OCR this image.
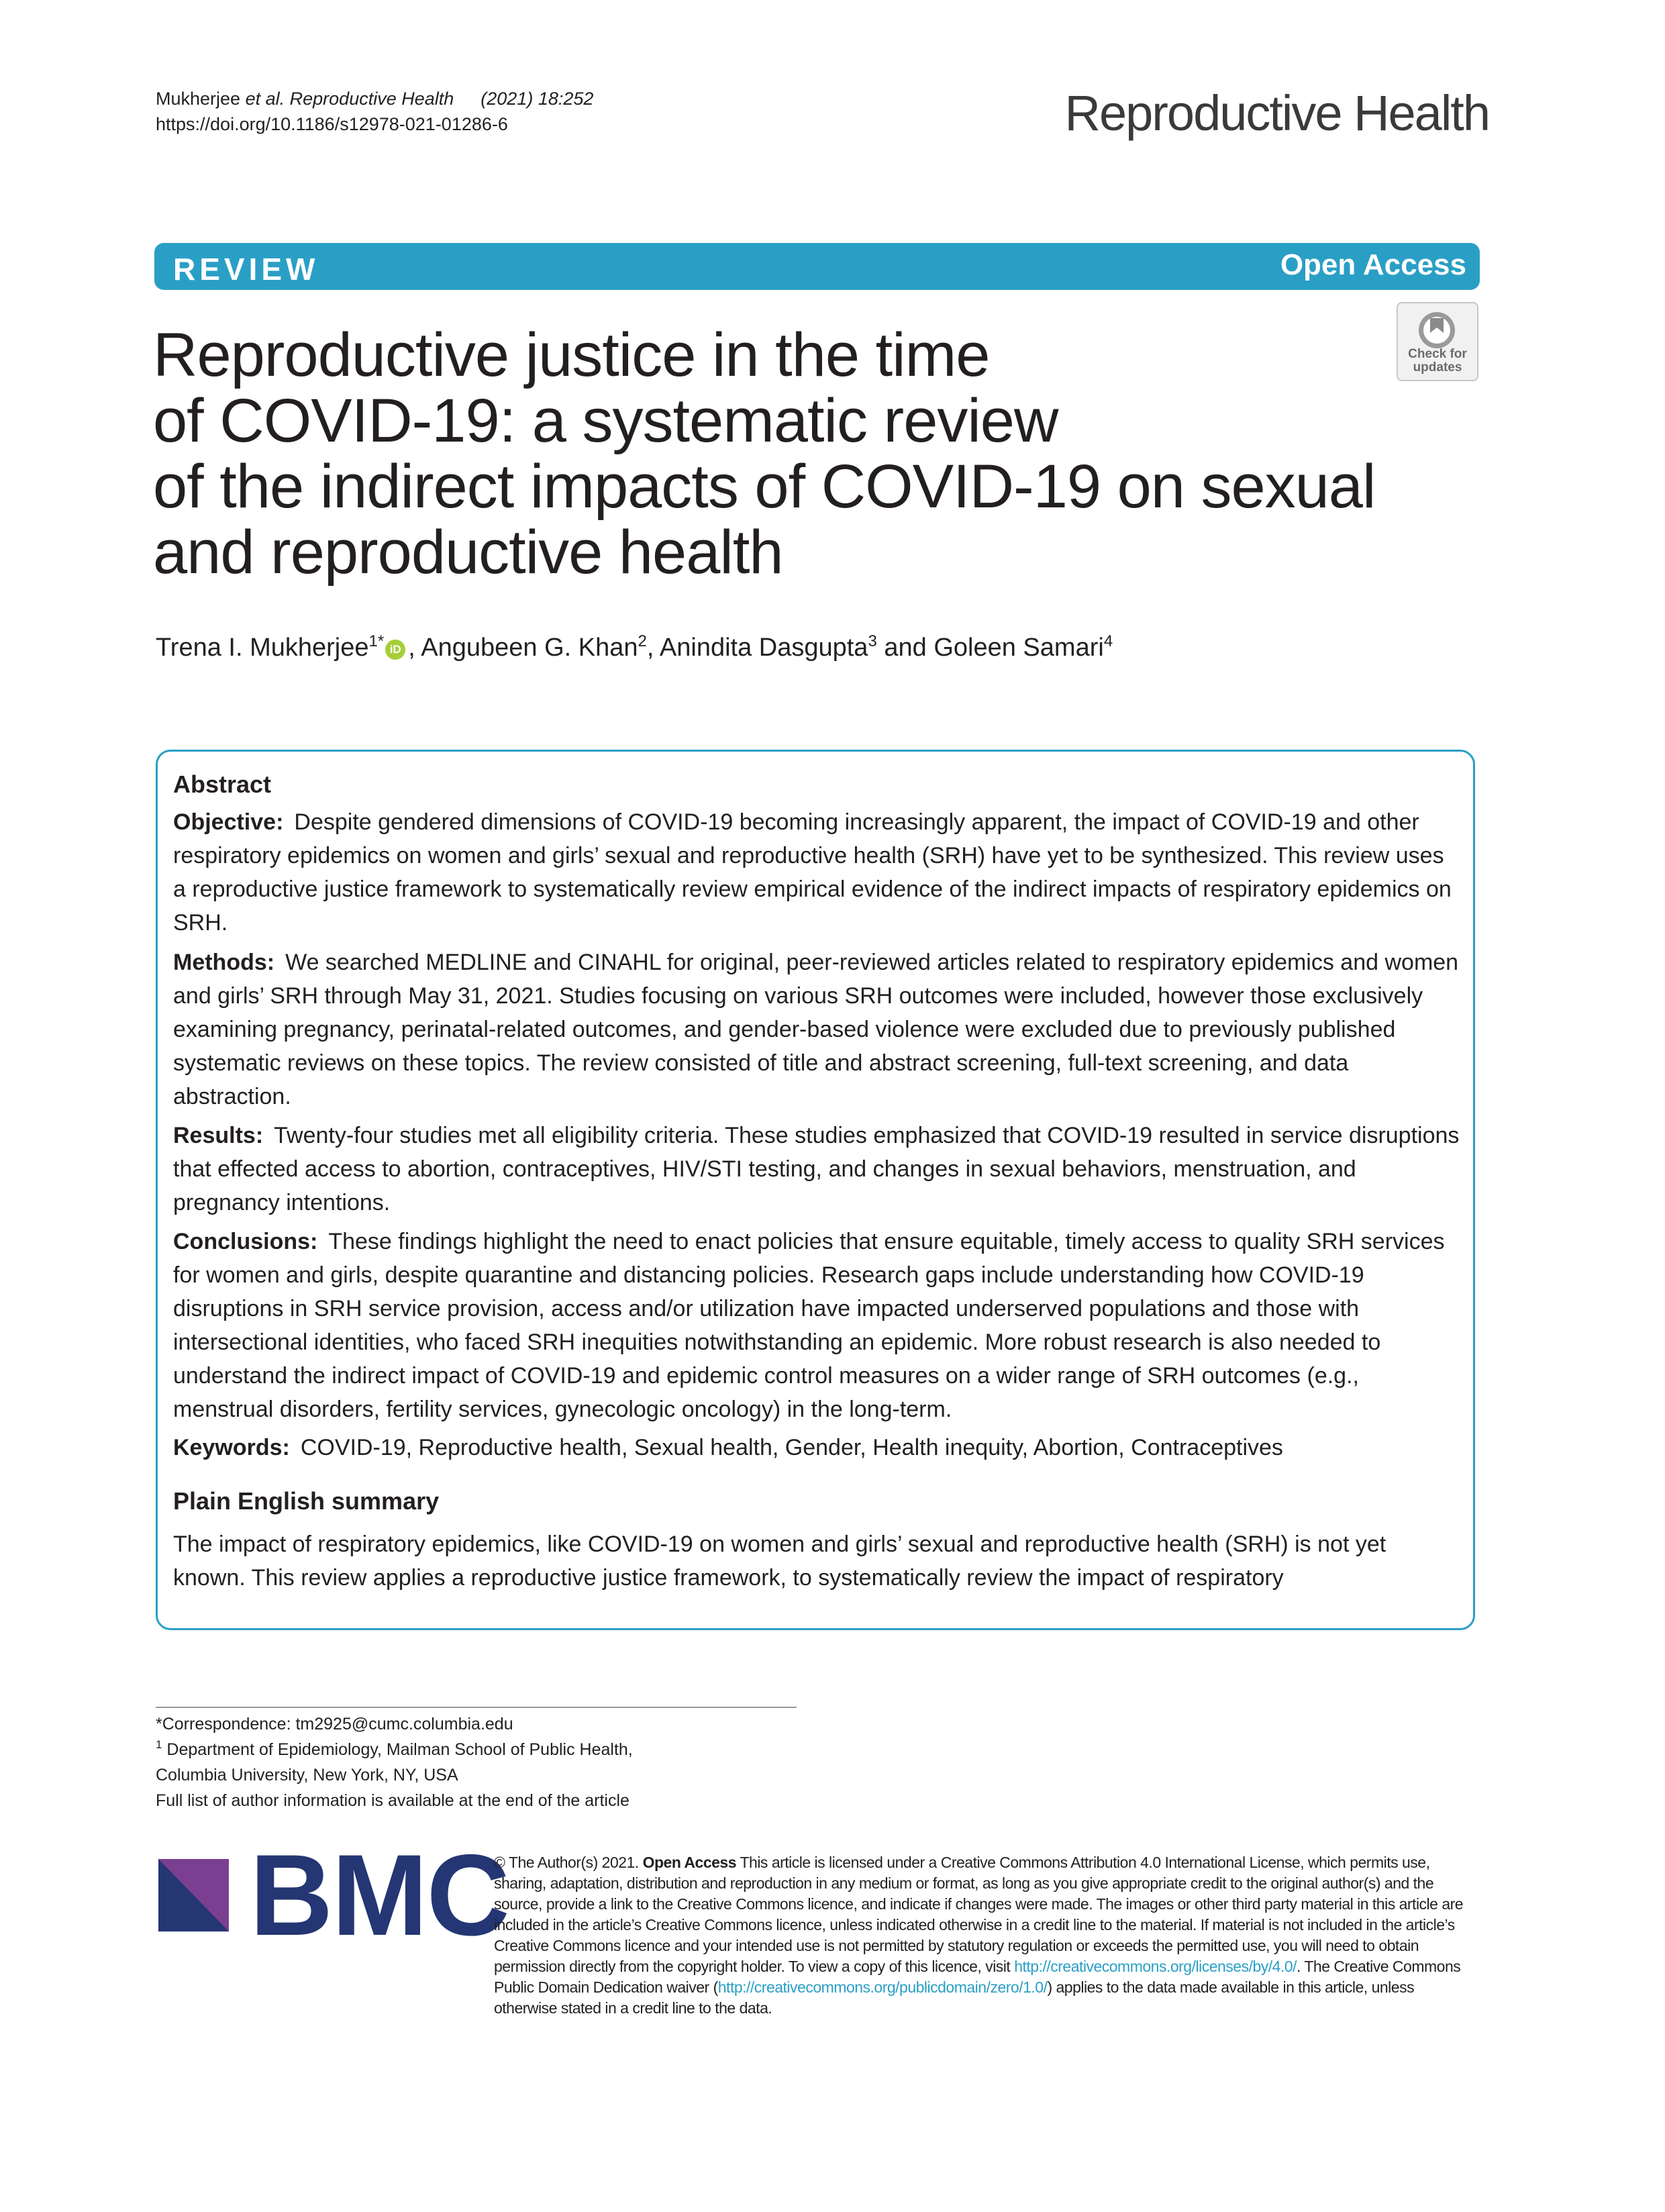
Mukherjee et al. Reproductive Health (2021) 18:252
https://doi.org/10.1186/s12978-021-01286-6	Reproductive Health
REVIEW	Open Access
Check for
updates
Reproductive justice in the time
of COVID-19: a systematic review
of the indirect impacts of COVID-19 on sexual
and reproductive health
Trena I. Mukherjee$^{1*}$ iD , Angubeen G. Khan$^2$, Anindita Dasgupta$^3$ and Goleen Samari$^4$
Abstract
Objective: Despite gendered dimensions of COVID-19 becoming increasingly apparent, the impact of COVID-19 and other respiratory epidemics on women and girls’ sexual and reproductive health (SRH) have yet to be synthesized. This review uses a reproductive justice framework to systematically review empirical evidence of the indirect impacts of respiratory epidemics on SRH.
Methods: We searched MEDLINE and CINAHL for original, peer-reviewed articles related to respiratory epidemics and women and girls’ SRH through May 31, 2021. Studies focusing on various SRH outcomes were included, however those exclusively examining pregnancy, perinatal-related outcomes, and gender-based violence were excluded due to previously published systematic reviews on these topics. The review consisted of title and abstract screening, full-text screening, and data abstraction.
Results: Twenty-four studies met all eligibility criteria. These studies emphasized that COVID-19 resulted in service disruptions that effected access to abortion, contraceptives, HIV/STI testing, and changes in sexual behaviors, menstruation, and pregnancy intentions.
Conclusions: These findings highlight the need to enact policies that ensure equitable, timely access to quality SRH services for women and girls, despite quarantine and distancing policies. Research gaps include understanding how COVID-19 disruptions in SRH service provision, access and/or utilization have impacted underserved populations and those with intersectional identities, who faced SRH inequities notwithstanding an epidemic. More robust research is also needed to understand the indirect impact of COVID-19 and epidemic control measures on a wider range of SRH outcomes (e.g., menstrual disorders, fertility services, gynecologic oncology) in the long-term.
Keywords: COVID-19, Reproductive health, Sexual health, Gender, Health inequity, Abortion, Contraceptives
Plain English summary
The impact of respiratory epidemics, like COVID-19 on women and girls’ sexual and reproductive health (SRH) is not yet known. This review applies a reproductive justice framework, to systematically review the impact of respiratory
*Correspondence: tm2925@cumc.columbia.edu
$^1$ Department of Epidemiology, Mailman School of Public Health,
Columbia University, New York, NY, USA
Full list of author information is available at the end of the article
BMC
© The Author(s) 2021. Open Access This article is licensed under a Creative Commons Attribution 4.0 International License, which permits use, sharing, adaptation, distribution and reproduction in any medium or format, as long as you give appropriate credit to the original author(s) and the source, provide a link to the Creative Commons licence, and indicate if changes were made. The images or other third party material in this article are included in the article’s Creative Commons licence, unless indicated otherwise in a credit line to the material. If material is not included in the article’s Creative Commons licence and your intended use is not permitted by statutory regulation or exceeds the permitted use, you will need to obtain permission directly from the copyright holder. To view a copy of this licence, visit http://creativecommons.org/licenses/by/4.0/. The Creative Commons Public Domain Dedication waiver (http://creativecommons.org/publicdomain/zero/1.0/) applies to the data made available in this article, unless otherwise stated in a credit line to the data.
